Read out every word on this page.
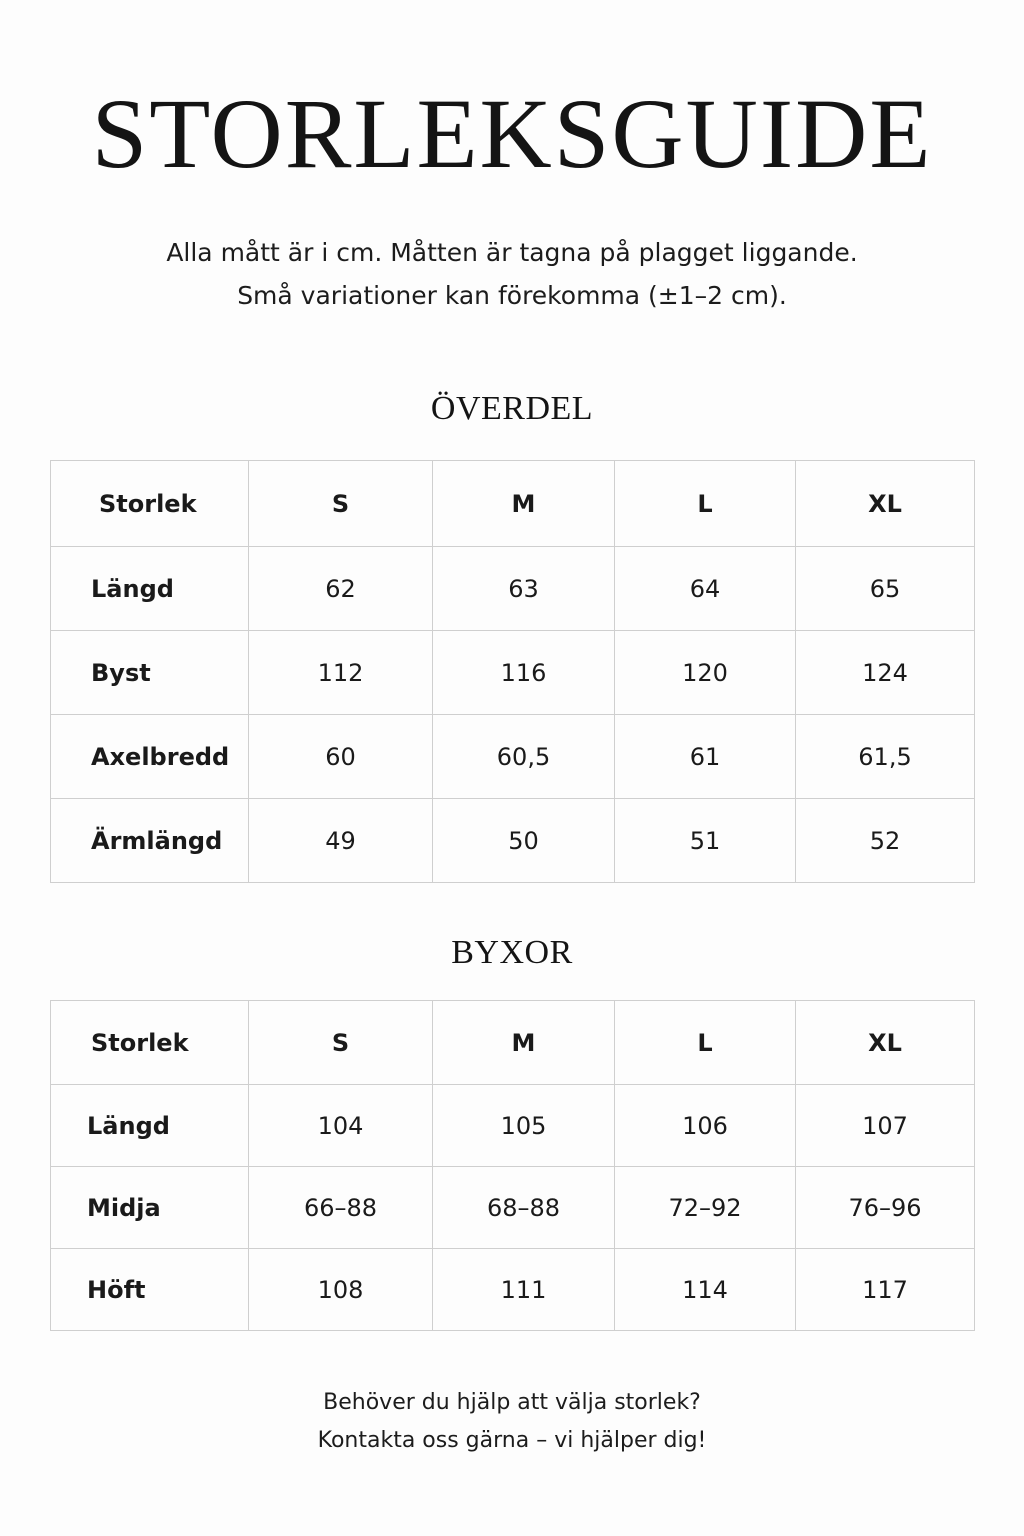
STORLEKSGUIDE
Alla mått är i cm. Måtten är tagna på plagget liggande.
Små variationer kan förekomma (±1–2 cm).
ÖVERDEL
Storlek	S	M	L	XL
Längd	62	63	64	65
Byst	112	116	120	124
Axelbredd	60	60,5	61	61,5
Ärmlängd	49	50	51	52
BYXOR
Storlek	S	M	L	XL
Längd	104	105	106	107
Midja	66–88	68–88	72–92	76–96
Höft	108	111	114	117
Behöver du hjälp att välja storlek?
Kontakta oss gärna – vi hjälper dig!
